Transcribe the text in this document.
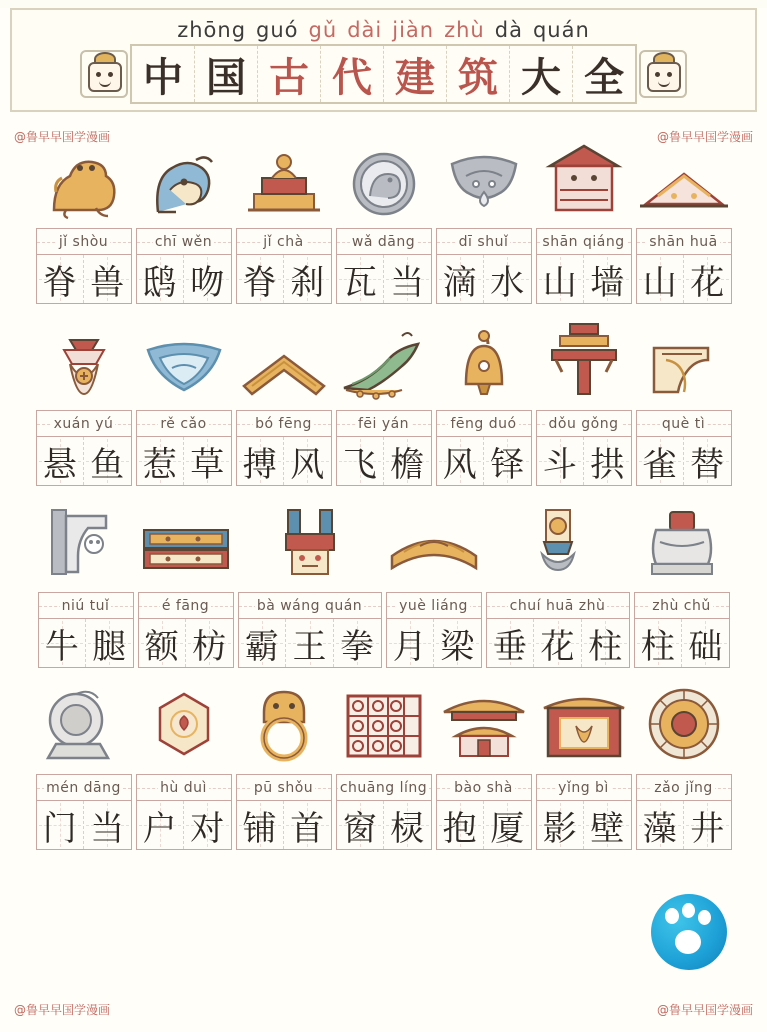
zhōng guó gǔ dài jiàn zhù dà quán
中 国 古 代 建 筑 大 全
@鲁早早国学漫画	@鲁早早国学漫画
jǐ shòu
脊 兽
chī wěn
鸱 吻
jǐ chà
脊 刹
wǎ dāng
瓦 当
dī shuǐ
滴 水
shān qiáng
山 墙
shān huā
山 花
xuán yú
悬 鱼
rě cǎo
惹 草
bó fēng
搏 风
fēi yán
飞 檐
fēng duó
风 铎
dǒu gǒng
斗 拱
què tì
雀 替
niú tuǐ
牛 腿
é fāng
额 枋
bà wáng quán
霸 王 拳
yuè liáng
月 梁
chuí huā zhù
垂 花 柱
zhù chǔ
柱 础
mén dāng
门 当
hù duì
户 对
pū shǒu
铺 首
chuāng líng
窗 棂
bào shà
抱 厦
yǐng bì
影 壁
zǎo jǐng
藻 井
@鲁早早国学漫画	@鲁早早国学漫画
